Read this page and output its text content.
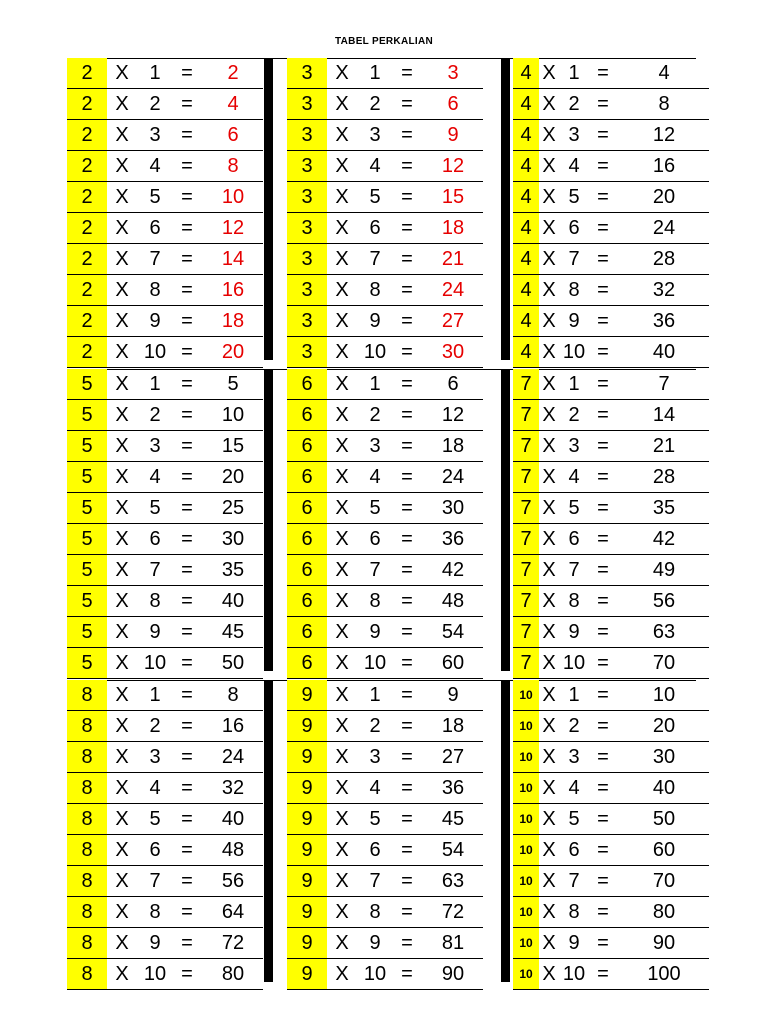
TABEL PERKALIAN
2	X	1	=	2
2	X	2	=	4
2	X	3	=	6
2	X	4	=	8
2	X	5	=	10
2	X	6	=	12
2	X	7	=	14
2	X	8	=	16
2	X	9	=	18
2	X 10 =	20
3	X	1	=	3
3	X	2	=	6
3	X	3	=	9
3	X	4	=	12
3	X	5	=	15
3	X	6	=	18
3	X	7	=	21
3	X	8	=	24
3	X	9	=	27
3	X 10 =	30
4 X 1 =	4
4 X 2 =	8
4 X 3 =	12
4 X 4 =	16
4 X 5 =	20
4 X 6 =	24
4 X 7 =	28
4 X 8 =	32
4 X 9 =	36
4 X 10 =	40
5	X	1	=	5
5	X	2	=	10
5	X	3	=	15
5	X	4	=	20
5	X	5	=	25
5	X	6	=	30
5	X	7	=	35
5	X	8	=	40
5	X	9	=	45
5	X 10 =	50
6	X	1	=	6
6	X	2	=	12
6	X	3	=	18
6	X	4	=	24
6	X	5	=	30
6	X	6	=	36
6	X	7	=	42
6	X	8	=	48
6	X	9	=	54
6	X 10 =	60
7 X 1 =	7
7 X 2 =	14
7 X 3 =	21
7 X 4 =	28
7 X 5 =	35
7 X 6 =	42
7 X 7 =	49
7 X 8 =	56
7 X 9 =	63
7 X 10 =	70
8	X	1	=	8
8	X	2	=	16
8	X	3	=	24
8	X	4	=	32
8	X	5	=	40
8	X	6	=	48
8	X	7	=	56
8	X	8	=	64
8	X	9	=	72
8	X 10 =	80
9	X	1	=	9
9	X	2	=	18
9	X	3	=	27
9	X	4	=	36
9	X	5	=	45
9	X	6	=	54
9	X	7	=	63
9	X	8	=	72
9	X	9	=	81
9	X 10 =	90
10 X 1 =	10
10 X 2 =	20
10 X 3 =	30
10 X 4 =	40
10 X 5 =	50
10 X 6 =	60
10 X 7 =	70
10 X 8 =	80
10 X 9 =	90
10 X 10 =	100
